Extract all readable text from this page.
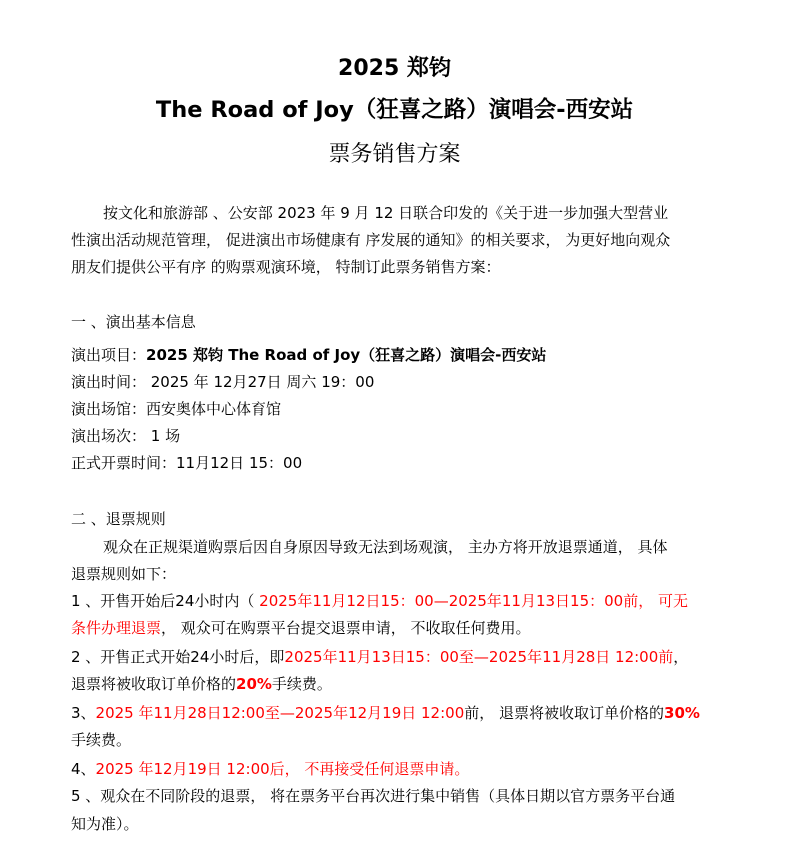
2025 郑钧
The Road of Joy（狂喜之路）演唱会-西安站
票务销售方案
按文化和旅游部 、公安部 2023 年 9 月 12 日联合印发的《关于进一步加强大型营业
性演出活动规范管理， 促进演出市场健康有 序发展的通知》的相关要求， 为更好地向观众
朋友们提供公平有序 的购票观演环境， 特制订此票务销售方案：
一 、演出基本信息
演出项目：2025 郑钧 The Road of Joy（狂喜之路）演唱会-西安站
演出时间： 2025 年 12月27日 周六 19：00
演出场馆：西安奥体中心体育馆
演出场次： 1 场
正式开票时间：11月12日 15：00
二 、退票规则
观众在正规渠道购票后因自身原因导致无法到场观演， 主办方将开放退票通道， 具体
退票规则如下：
1 、开售开始后24小时内（ 2025年11月12日15：00—2025年11月13日15：00前， 可无
条件办理退票， 观众可在购票平台提交退票申请， 不收取任何费用。
2 、开售正式开始24小时后，即2025年11月13日15：00至—2025年11月28日 12:00前，
退票将被收取订单价格的20%手续费。
3、2025 年11月28日12:00至—2025年12月19日 12:00前， 退票将被收取订单价格的30%
手续费。
4、2025 年12月19日 12:00后， 不再接受任何退票申请。
5 、观众在不同阶段的退票， 将在票务平台再次进行集中销售（具体日期以官方票务平台通
知为准）。
